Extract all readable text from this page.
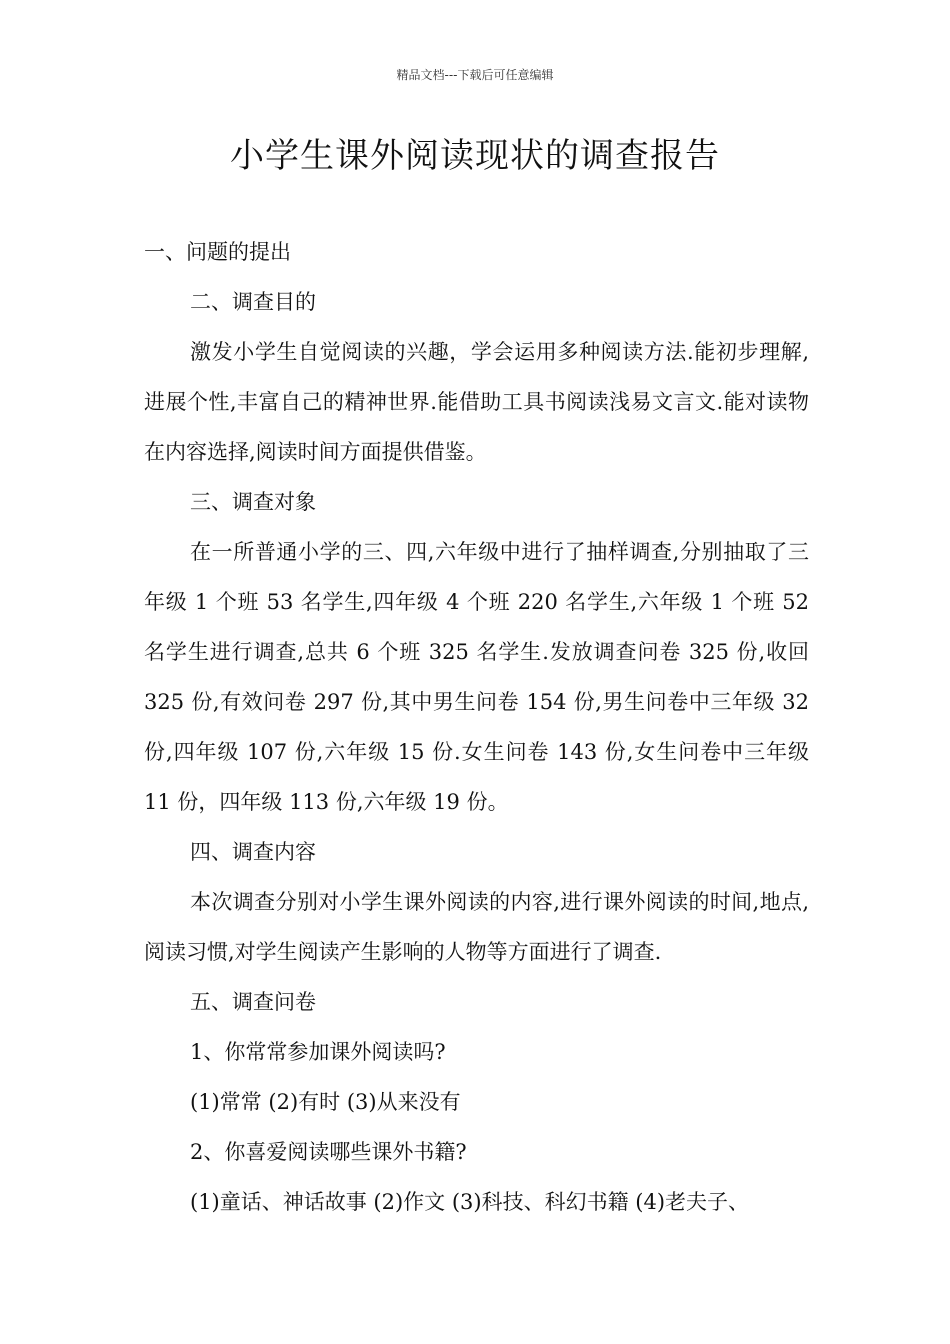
精品文档---下载后可任意编辑
小学生课外阅读现状的调查报告

一、问题的提出

二、调查目的

激发小学生自觉阅读的兴趣，学会运用多种阅读方法.能初步理解,进展个性,丰富自己的精神世界.能借助工具书阅读浅易文言文.能对读物在内容选择,阅读时间方面提供借鉴。

三、调查对象

在一所普通小学的三、四,六年级中进行了抽样调查,分别抽取了三年级 1 个班 53 名学生,四年级 4 个班 220 名学生,六年级 1 个班 52 名学生进行调查,总共 6 个班 325 名学生.发放调查问卷 325 份,收回 325 份,有效问卷 297 份,其中男生问卷 154 份,男生问卷中三年级 32 份,四年级 107 份,六年级 15 份.女生问卷 143 份,女生问卷中三年级 11 份，四年级 113 份,六年级 19 份。

四、调查内容

本次调查分别对小学生课外阅读的内容,进行课外阅读的时间,地点,阅读习惯,对学生阅读产生影响的人物等方面进行了调查.

五、调查问卷

1、你常常参加课外阅读吗?

(1)常常 (2)有时 (3)从来没有

2、你喜爱阅读哪些课外书籍?

(1)童话、神话故事 (2)作文 (3)科技、科幻书籍 (4)老夫子、
